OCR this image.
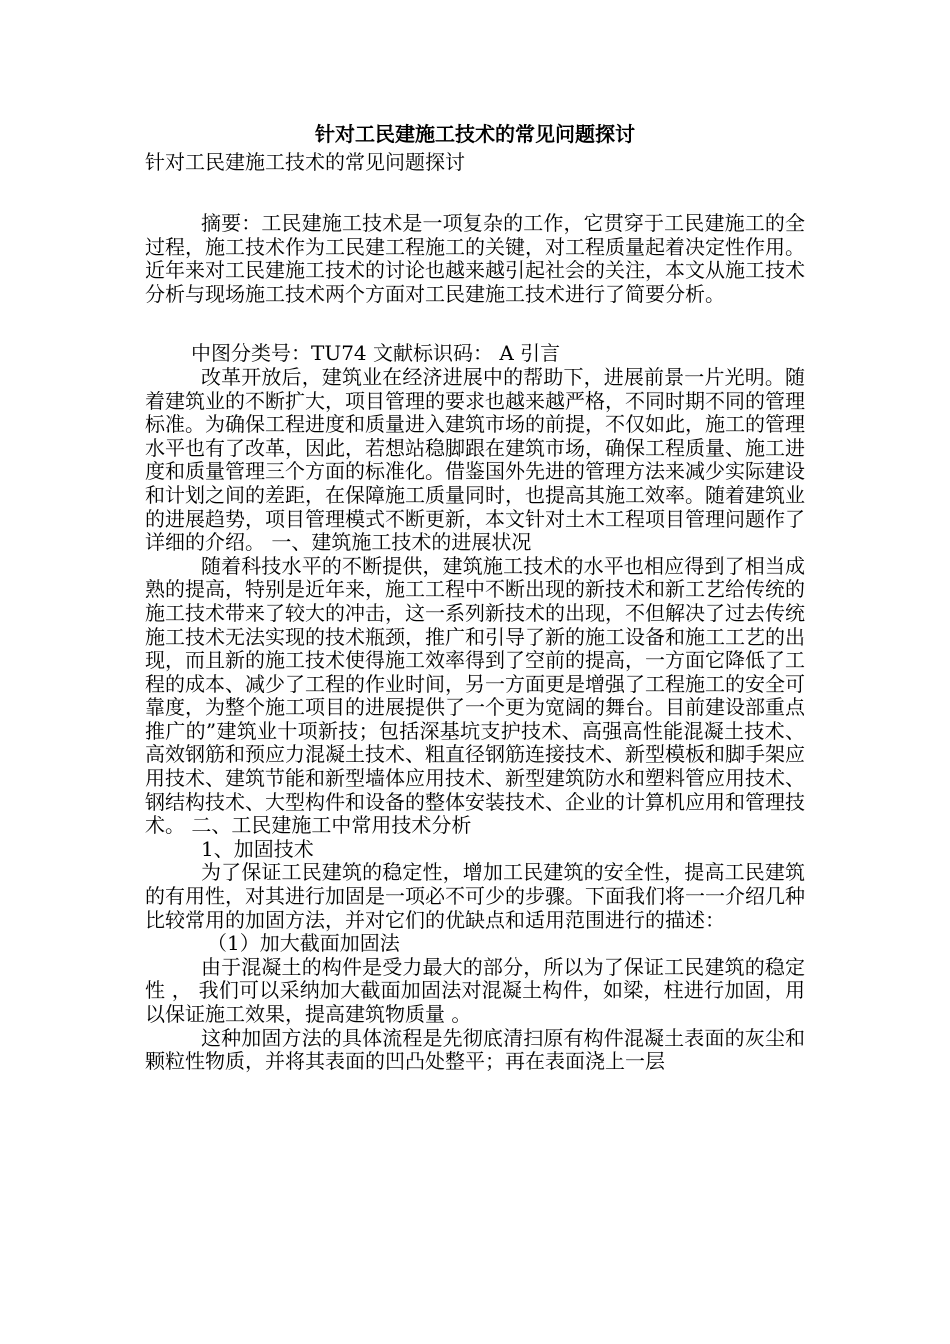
针对工民建施工技术的常见问题探讨

针对工民建施工技术的常见问题探讨

摘要：工民建施工技术是一项复杂的工作，它贯穿于工民建施工的全过程，施工技术作为工民建工程施工的关键，对工程质量起着决定性作用。近年来对工民建施工技术的讨论也越来越引起社会的关注，本文从施工技术分析与现场施工技术两个方面对工民建施工技术进行了简要分析。

中图分类号：TU74 文献标识码： A 引言

改革开放后，建筑业在经济进展中的帮助下，进展前景一片光明。随着建筑业的不断扩大，项目管理的要求也越来越严格，不同时期不同的管理标准。为确保工程进度和质量进入建筑市场的前提，不仅如此，施工的管理水平也有了改革，因此，若想站稳脚跟在建筑市场，确保工程质量、施工进度和质量管理三个方面的标准化。借鉴国外先进的管理方法来减少实际建设和计划之间的差距，在保障施工质量同时，也提高其施工效率。随着建筑业的进展趋势，项目管理模式不断更新，本文针对土木工程项目管理问题作了详细的介绍。 一、建筑施工技术的进展状况

随着科技水平的不断提供，建筑施工技术的水平也相应得到了相当成熟的提高，特别是近年来，施工工程中不断出现的新技术和新工艺给传统的施工技术带来了较大的冲击，这一系列新技术的出现，不但解决了过去传统施工技术无法实现的技术瓶颈，推广和引导了新的施工设备和施工工艺的出现，而且新的施工技术使得施工效率得到了空前的提高，一方面它降低了工程的成本、减少了工程的作业时间，另一方面更是增强了工程施工的安全可靠度，为整个施工项目的进展提供了一个更为宽阔的舞台。目前建设部重点推广的”建筑业十项新技；包括深基坑支护技术、高强高性能混凝土技术、高效钢筋和预应力混凝土技术、粗直径钢筋连接技术、新型模板和脚手架应用技术、建筑节能和新型墙体应用技术、新型建筑防水和塑料管应用技术、钢结构技术、大型构件和设备的整体安装技术、企业的计算机应用和管理技术。 二、工民建施工中常用技术分析

1、加固技术

为了保证工民建筑的稳定性，增加工民建筑的安全性，提高工民建筑的有用性，对其进行加固是一项必不可少的步骤。下面我们将一一介绍几种比较常用的加固方法，并对它们的优缺点和适用范围进行的描述：

（1）加大截面加固法

由于混凝土的构件是受力最大的部分，所以为了保证工民建筑的稳定性 ， 我们可以采纳加大截面加固法对混凝土构件，如梁，柱进行加固，用以保证施工效果，提高建筑物质量 。

这种加固方法的具体流程是先彻底清扫原有构件混凝土表面的灰尘和颗粒性物质，并将其表面的凹凸处整平；再在表面浇上一层
